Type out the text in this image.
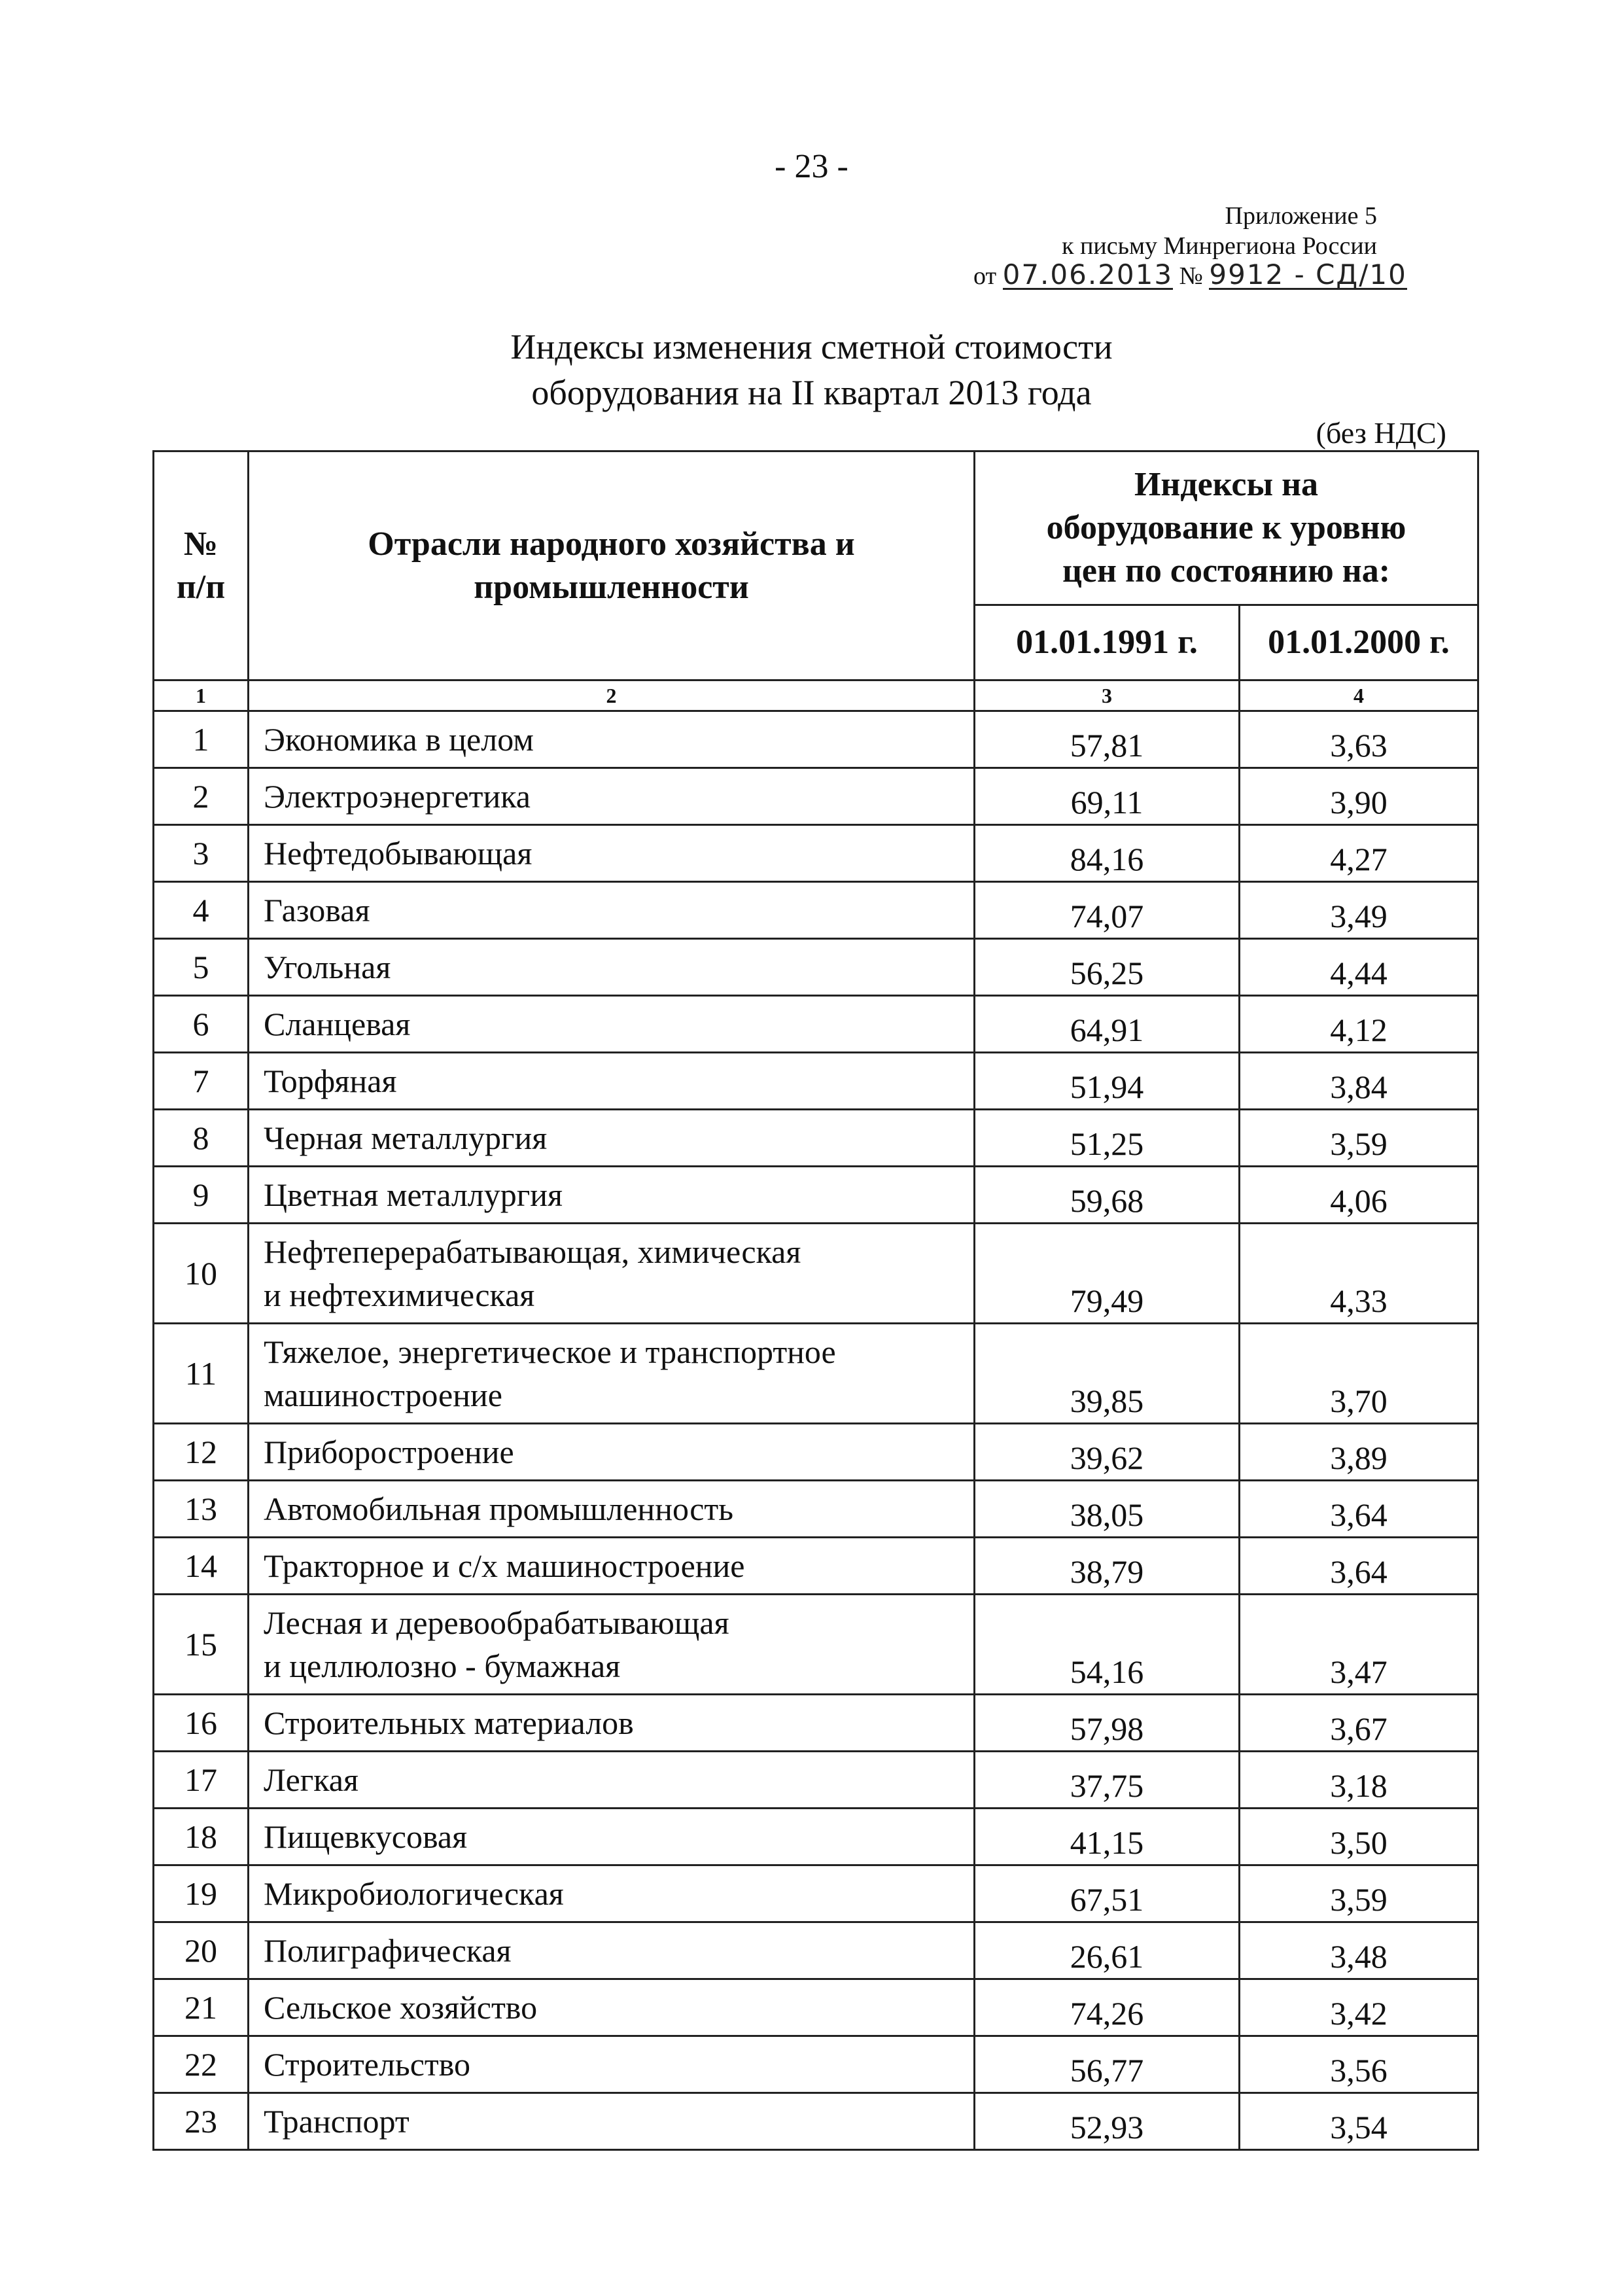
- 23 -
Приложение 5
к письму Минрегиона России
от 07.06.2013 № 9912 - СД/10
Индексы изменения сметной стоимости
оборудования на II квартал 2013 года
(без НДС)
№ п/п	Отрасли народного хозяйства и промышленности	Индексы на оборудование к уровню цен по состоянию на:	

		01.01.1991 г.	01.01.2000 г.
1	2	3	4
1	Экономика в целом	57,81	3,63
2	Электроэнергетика	69,11	3,90
3	Нефтедобывающая	84,16	4,27
4	Газовая	74,07	3,49
5	Угольная	56,25	4,44
6	Сланцевая	64,91	4,12
7	Торфяная	51,94	3,84
8	Черная металлургия	51,25	3,59
9	Цветная металлургия	59,68	4,06
10	Нефтеперерабатывающая, химическая
и нефтехимическая	79,49	4,33
11	Тяжелое, энергетическое и транспортное
машиностроение	39,85	3,70
12	Приборостроение	39,62	3,89
13	Автомобильная промышленность	38,05	3,64
14	Тракторное и с/х машиностроение	38,79	3,64
15	Лесная и деревообрабатывающая
и целлюлозно - бумажная	54,16	3,47
16	Строительных материалов	57,98	3,67
17	Легкая	37,75	3,18
18	Пищевкусовая	41,15	3,50
19	Микробиологическая	67,51	3,59
20	Полиграфическая	26,61	3,48
21	Сельское хозяйство	74,26	3,42
22	Строительство	56,77	3,56
23	Транспорт	52,93	3,54
